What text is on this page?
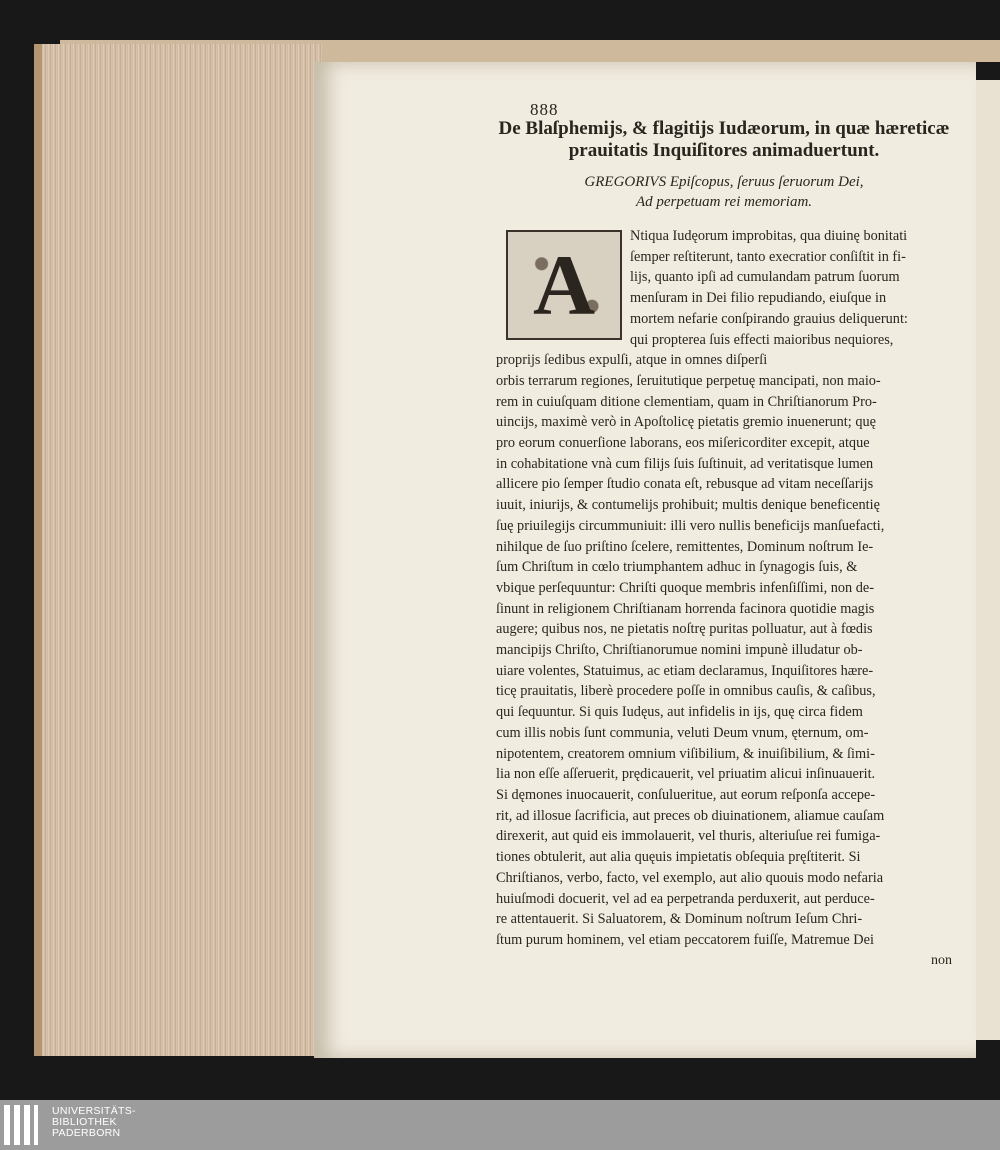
888
De Blaſphemijs, & flagitijs Iudæorum, in quæ hæreticæ
prauitatis Inquiſitores animaduertunt.
GREGORIVS Epiſcopus, ſeruus ſeruorum Dei,
Ad perpetuam rei memoriam.
A
Ntiqua Iudęorum improbitas, qua diuinę bonitati
ſemper reſtiterunt, tanto execratior conſiſtit in fi-
lijs, quanto ipſi ad cumulandam patrum ſuorum
menſuram in Dei filio repudiando, eiuſque in
mortem nefarie conſpirando grauius deliquerunt:
qui propterea ſuis effecti maioribus nequiores,
proprijs ſedibus expulſi, atque in omnes diſperſi
orbis terrarum regiones, ſeruitutique perpetuę mancipati, non maio-
rem in cuiuſquam ditione clementiam, quam in Chriſtianorum Pro-
uincijs, maximè verò in Apoſtolicę pietatis gremio inuenerunt; quę
pro eorum conuerſione laborans, eos miſericorditer excepit, atque
in cohabitatione vnà cum filijs ſuis ſuſtinuit, ad veritatisque lumen
allicere pio ſemper ſtudio conata eſt, rebusque ad vitam neceſſarijs
iuuit, iniurijs, & contumelijs prohibuit; multis denique beneficentię
ſuę priuilegijs circummuniuit: illi vero nullis beneficijs manſuefacti,
nihilque de ſuo priſtino ſcelere, remittentes, Dominum noſtrum Ie-
ſum Chriſtum in cœlo triumphantem adhuc in ſynagogis ſuis, &
vbique perſequuntur: Chriſti quoque membris infenſiſſimi, non de-
ſinunt in religionem Chriſtianam horrenda facinora quotidie magis
augere; quibus nos, ne pietatis noſtrę puritas polluatur, aut à fœdis
mancipijs Chriſto, Chriſtianorumue nomini impunè illudatur ob-
uiare volentes, Statuimus, ac etiam declaramus, Inquiſitores hære-
ticę prauitatis, liberè procedere poſſe in omnibus cauſis, & caſibus,
qui ſequuntur. Si quis Iudęus, aut infidelis in ijs, quę circa fidem
cum illis nobis ſunt communia, veluti Deum vnum, ęternum, om-
nipotentem, creatorem omnium viſibilium, & inuiſibilium, & ſimi-
lia non eſſe aſſeruerit, prędicauerit, vel priuatim alicui inſinuauerit.
Si dęmones inuocauerit, conſulueritue, aut eorum reſponſa accepe-
rit, ad illosue ſacrificia, aut preces ob diuinationem, aliamue cauſam
direxerit, aut quid eis immolauerit, vel thuris, alteriuſue rei fumiga-
tiones obtulerit, aut alia quęuis impietatis obſequia pręſtiterit. Si
Chriſtianos, verbo, facto, vel exemplo, aut alio quouis modo nefaria
huiuſmodi docuerit, vel ad ea perpetranda perduxerit, aut perduce-
re attentauerit. Si Saluatorem, & Dominum noſtrum Ieſum Chri-
ſtum purum hominem, vel etiam peccatorem fuiſſe, Matremue Dei
non
UNIVERSITÄTS-
BIBLIOTHEK
PADERBORN
